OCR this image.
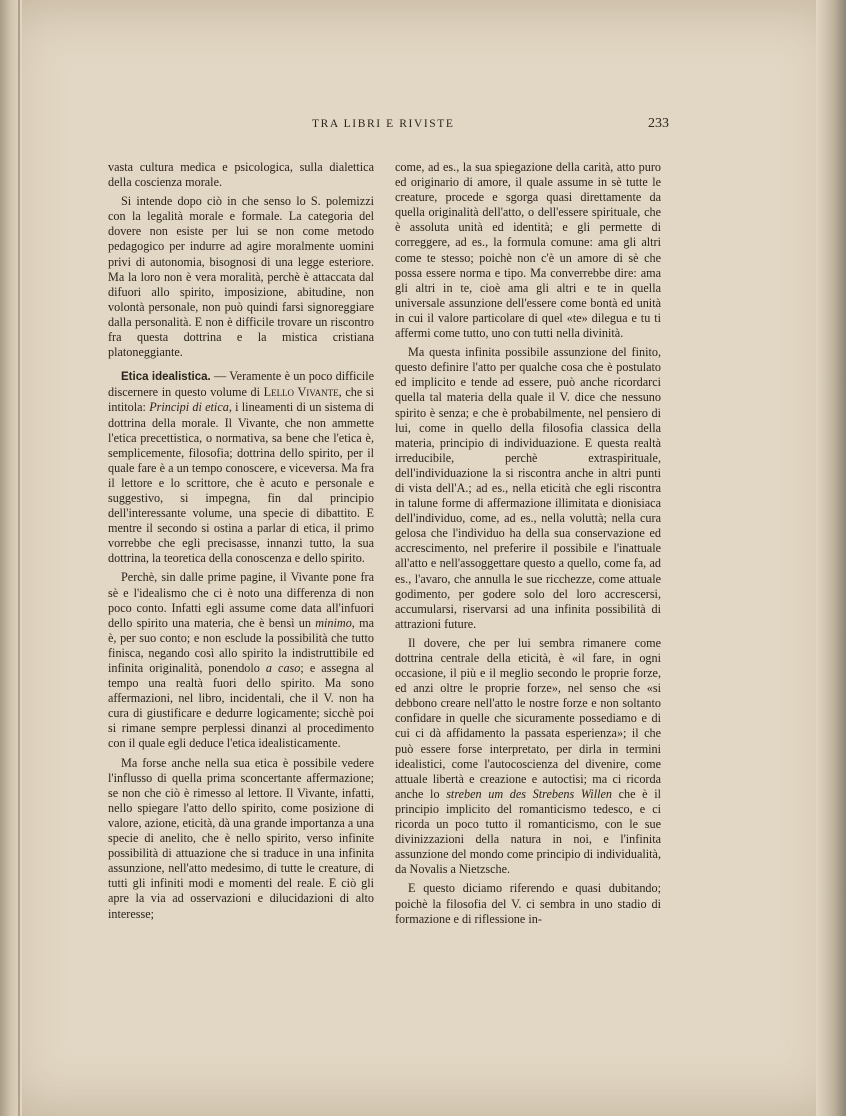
TRA LIBRI E RIVISTE	233

vasta cultura medica e psicologica, sulla dialettica della coscienza morale.

Si intende dopo ciò in che senso lo S. polemizzi con la legalità morale e formale. La categoria del dovere non esiste per lui se non come metodo pedagogico per indurre ad agire moralmente uomini privi di autonomia, bisognosi di una legge esteriore. Ma la loro non è vera moralità, perchè è attaccata dal difuori allo spirito, imposizione, abitudine, non volontà personale, non può quindi farsi signoreggiare dalla personalità. E non è difficile trovare un riscontro fra questa dottrina e la mistica cristiana platoneggiante.

Etica idealistica. — Veramente è un poco difficile discernere in questo volume di Lello Vivante, che si intitola: Principi di etica, i lineamenti di un sistema di dottrina della morale. Il Vivante, che non ammette l'etica precettistica, o normativa, sa bene che l'etica è, semplicemente, filosofia; dottrina dello spirito, per il quale fare è a un tempo conoscere, e viceversa. Ma fra il lettore e lo scrittore, che è acuto e personale e suggestivo, si impegna, fin dal principio dell'interessante volume, una specie di dibattito. E mentre il secondo si ostina a parlar di etica, il primo vorrebbe che egli precisasse, innanzi tutto, la sua dottrina, la teoretica della conoscenza e dello spirito.

Perchè, sin dalle prime pagine, il Vivante pone fra sè e l'idealismo che ci è noto una differenza di non poco conto. Infatti egli assume come data all'infuori dello spirito una materia, che è bensì un minimo, ma è, per suo conto; e non esclude la possibilità che tutto finisca, negando così allo spirito la indistruttibile ed infinita originalità, ponendolo a caso; e assegna al tempo una realtà fuori dello spirito. Ma sono affermazioni, nel libro, incidentali, che il V. non ha cura di giustificare e dedurre logicamente; sicchè poi si rimane sempre perplessi dinanzi al procedimento con il quale egli deduce l'etica idealisticamente.

Ma forse anche nella sua etica è possibile vedere l'influsso di quella prima sconcertante affermazione; se non che ciò è rimesso al lettore. Il Vivante, infatti, nello spiegare l'atto dello spirito, come posizione di valore, azione, eticità, dà una grande importanza a una specie di anelito, che è nello spirito, verso infinite possibilità di attuazione che si traduce in una infinita assunzione, nell'atto medesimo, di tutte le creature, di tutti gli infiniti modi e momenti del reale. E ciò gli apre la via ad osservazioni e dilucidazioni di alto interesse;

come, ad es., la sua spiegazione della carità, atto puro ed originario di amore, il quale assume in sè tutte le creature, procede e sgorga quasi direttamente da quella originalità dell'atto, o dell'essere spirituale, che è assoluta unità ed identità; e gli permette di correggere, ad es., la formula comune: ama gli altri come te stesso; poichè non c'è un amore di sè che possa essere norma e tipo. Ma converrebbe dire: ama gli altri in te, cioè ama gli altri e te in quella universale assunzione dell'essere come bontà ed unità in cui il valore particolare di quel «te» dilegua e tu ti affermi come tutto, uno con tutti nella divinità.

Ma questa infinita possibile assunzione del finito, questo definire l'atto per qualche cosa che è postulato ed implicito e tende ad essere, può anche ricordarci quella tal materia della quale il V. dice che nessuno spirito è senza; e che è probabilmente, nel pensiero di lui, come in quello della filosofia classica della materia, principio di individuazione. E questa realtà irreducibile, perchè extraspirituale, dell'individuazione la si riscontra anche in altri punti di vista dell'A.; ad es., nella eticità che egli riscontra in talune forme di affermazione illimitata e dionisiaca dell'individuo, come, ad es., nella voluttà; nella cura gelosa che l'individuo ha della sua conservazione ed accrescimento, nel preferire il possibile e l'inattuale all'atto e nell'assoggettare questo a quello, come fa, ad es., l'avaro, che annulla le sue ricchezze, come attuale godimento, per godere solo del loro accrescersi, accumularsi, riservarsi ad una infinita possibilità di attrazioni future.

Il dovere, che per lui sembra rimanere come dottrina centrale della eticità, è «il fare, in ogni occasione, il più e il meglio secondo le proprie forze, ed anzi oltre le proprie forze», nel senso che «si debbono creare nell'atto le nostre forze e non soltanto confidare in quelle che sicuramente possediamo e di cui ci dà affidamento la passata esperienza»; il che può essere forse interpretato, per dirla in termini idealistici, come l'autocoscienza del divenire, come attuale libertà e creazione e autoctisi; ma ci ricorda anche lo streben um des Strebens Willen che è il principio implicito del romanticismo tedesco, e ci ricorda un poco tutto il romanticismo, con le sue divinizzazioni della natura in noi, e l'infinita assunzione del mondo come principio di individualità, da Novalis a Nietzsche.

E questo diciamo riferendo e quasi dubitando; poichè la filosofia del V. ci sembra in uno stadio di formazione e di riflessione in-
